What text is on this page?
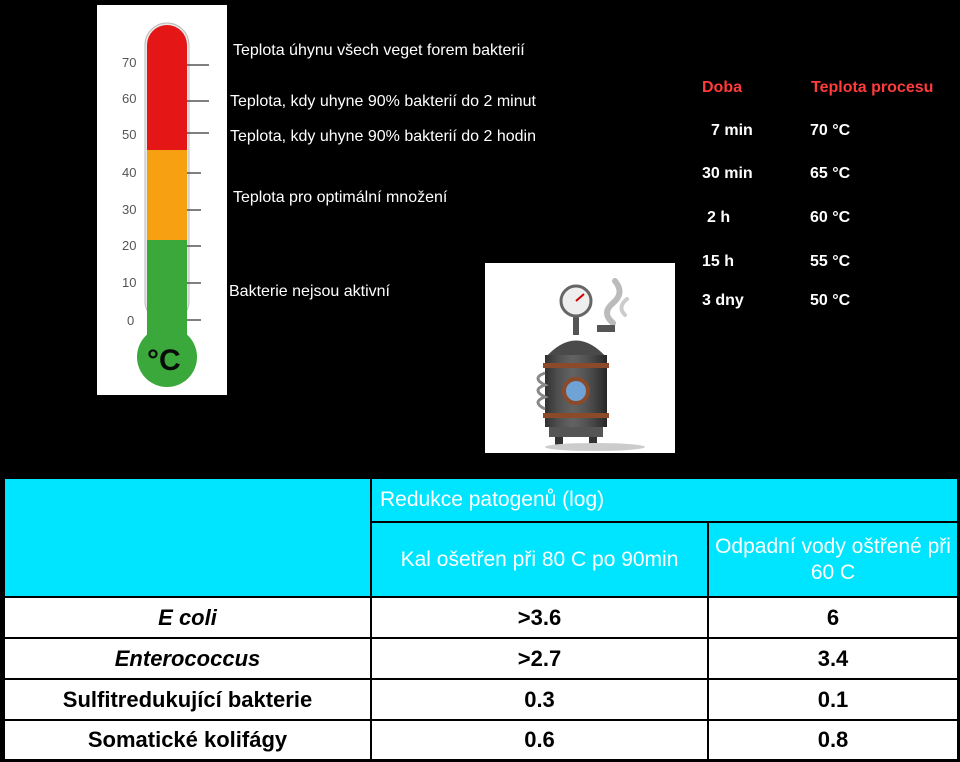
70
60
50
40
30
20
10
0
°C
Teplota úhynu všech veget forem bakterií
Teplota, kdy uhyne 90% bakterií do 2 minut
Teplota, kdy uhyne 90% bakterií do 2 hodin
Teplota pro optimální množení
Bakterie nejsou aktivní
Doba	Teplota procesu
7 min	70 °C
30 min	65 °C
2 h	60 °C
15 h	55 °C
3 dny	50 °C
	Redukce patogenů (log)	
	Kal ošetřen při 80 C po 90min	Odpadní vody oštřené při 60 C
E coli	>3.6	6
Enterococcus	>2.7	3.4
Sulfitredukující bakterie	0.3	0.1
Somatické kolifágy	0.6	0.8
